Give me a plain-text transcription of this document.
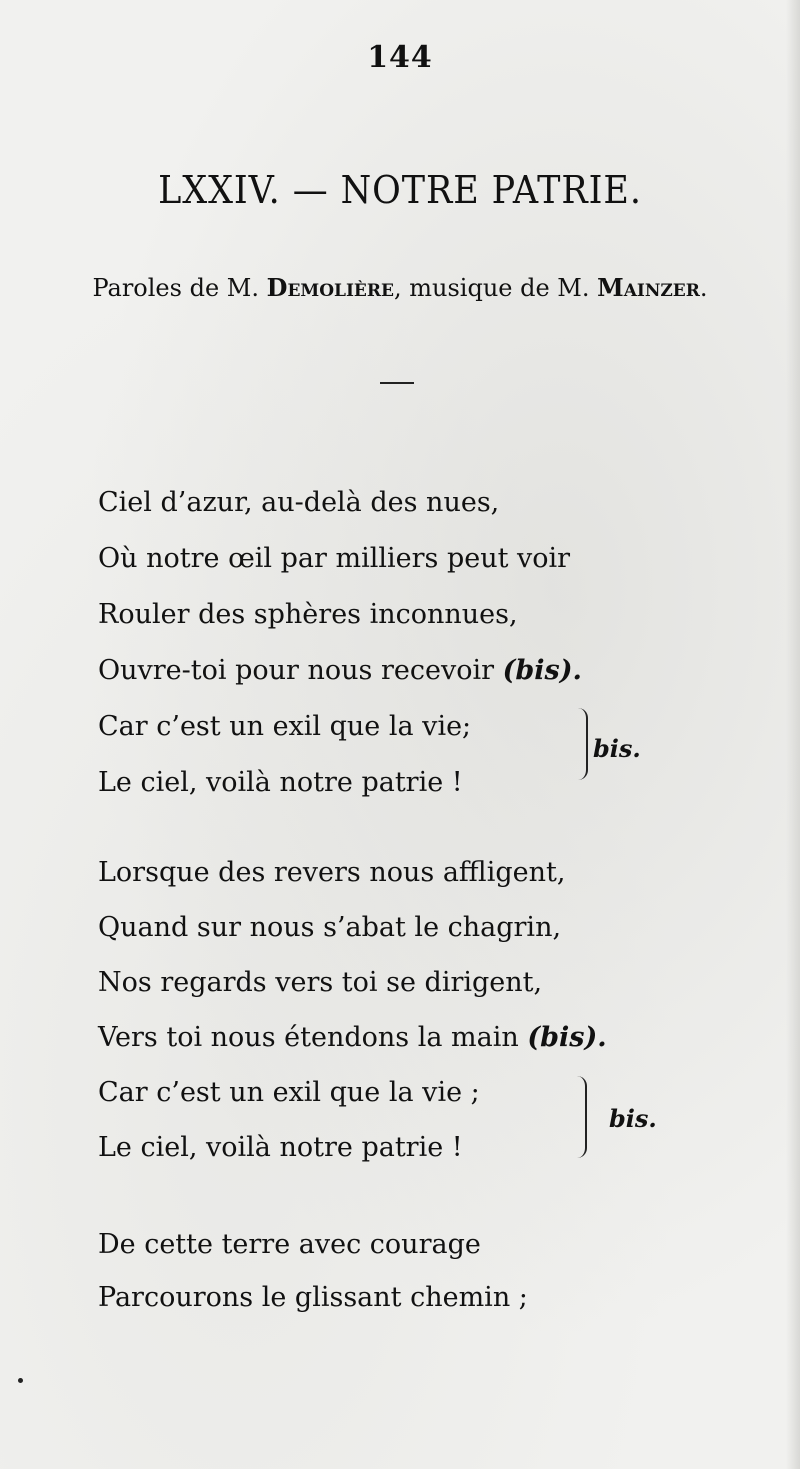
144
LXXIV. — NOTRE PATRIE.
Paroles de M. Demolière, musique de M. Mainzer.
Ciel d’azur, au-delà des nues,
Où notre œil par milliers peut voir
Rouler des sphères inconnues,
Ouvre-toi pour nous recevoir (bis).
Car c’est un exil que la vie;
Le ciel, voilà notre patrie !
bis.
Lorsque des revers nous affligent,
Quand sur nous s’abat le chagrin,
Nos regards vers toi se dirigent,
Vers toi nous étendons la main (bis).
Car c’est un exil que la vie ;
Le ciel, voilà notre patrie !
bis.
De cette terre avec courage
Parcourons le glissant chemin ;
